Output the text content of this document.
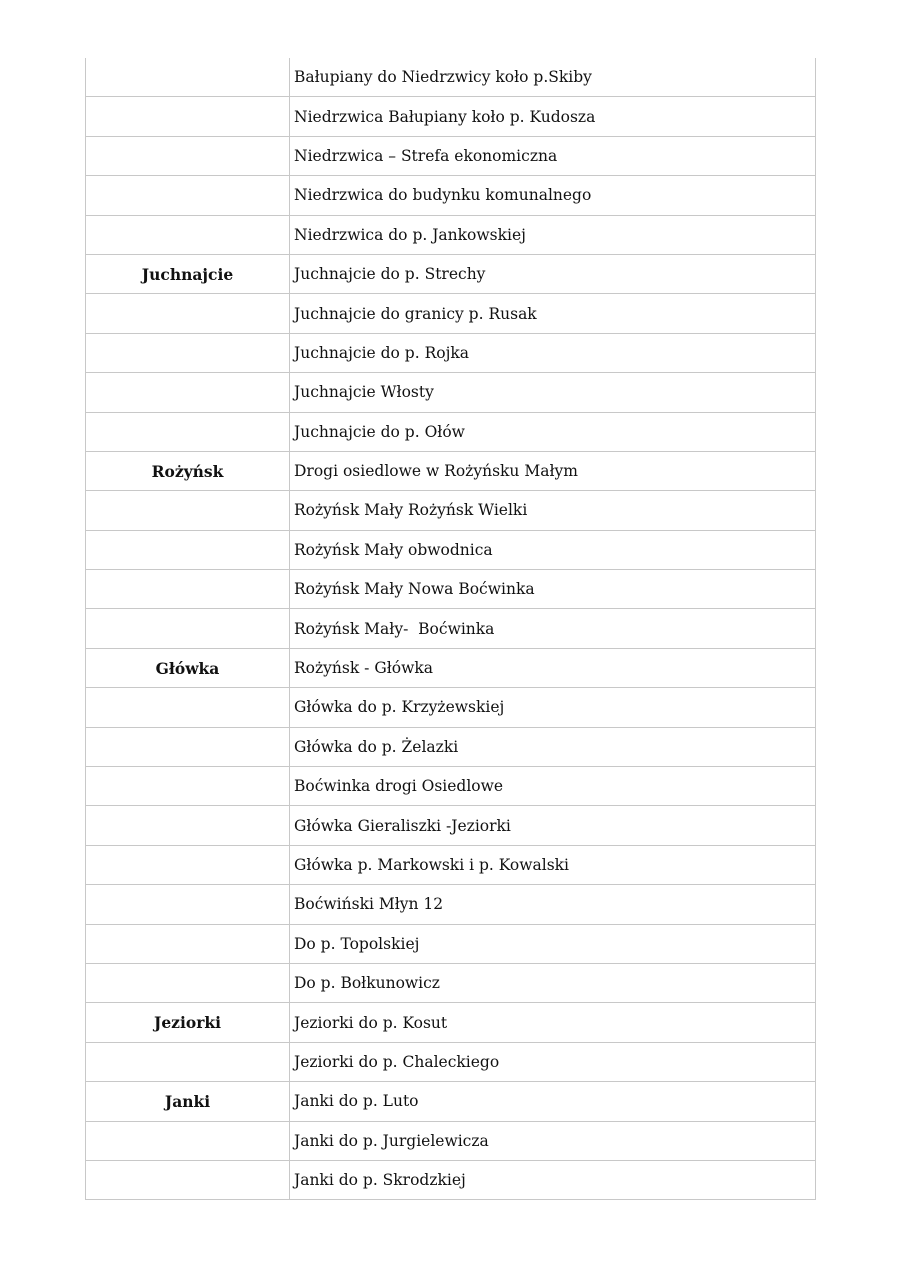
	Bałupiany do Niedrzwicy koło p.Skiby
	Niedrzwica Bałupiany koło p. Kudosza
	Niedrzwica – Strefa ekonomiczna
	Niedrzwica do budynku komunalnego
	Niedrzwica do p. Jankowskiej
Juchnajcie	Juchnajcie do p. Strechy
	Juchnajcie do granicy p. Rusak
	Juchnajcie do p. Rojka
	Juchnajcie Włosty
	Juchnajcie do p. Ołów
Rożyńsk	Drogi osiedlowe w Rożyńsku Małym
	Rożyńsk Mały Rożyńsk Wielki
	Rożyńsk Mały obwodnica
	Rożyńsk Mały Nowa Boćwinka
	Rożyńsk Mały-  Boćwinka
Główka	Rożyńsk - Główka
	Główka do p. Krzyżewskiej
	Główka do p. Żelazki
	Boćwinka drogi Osiedlowe
	Główka Gieraliszki -Jeziorki
	Główka p. Markowski i p. Kowalski
	Boćwiński Młyn 12
	Do p. Topolskiej
	Do p. Bołkunowicz
Jeziorki	Jeziorki do p. Kosut
	Jeziorki do p. Chaleckiego
Janki	Janki do p. Luto
	Janki do p. Jurgielewicza
	Janki do p. Skrodzkiej
